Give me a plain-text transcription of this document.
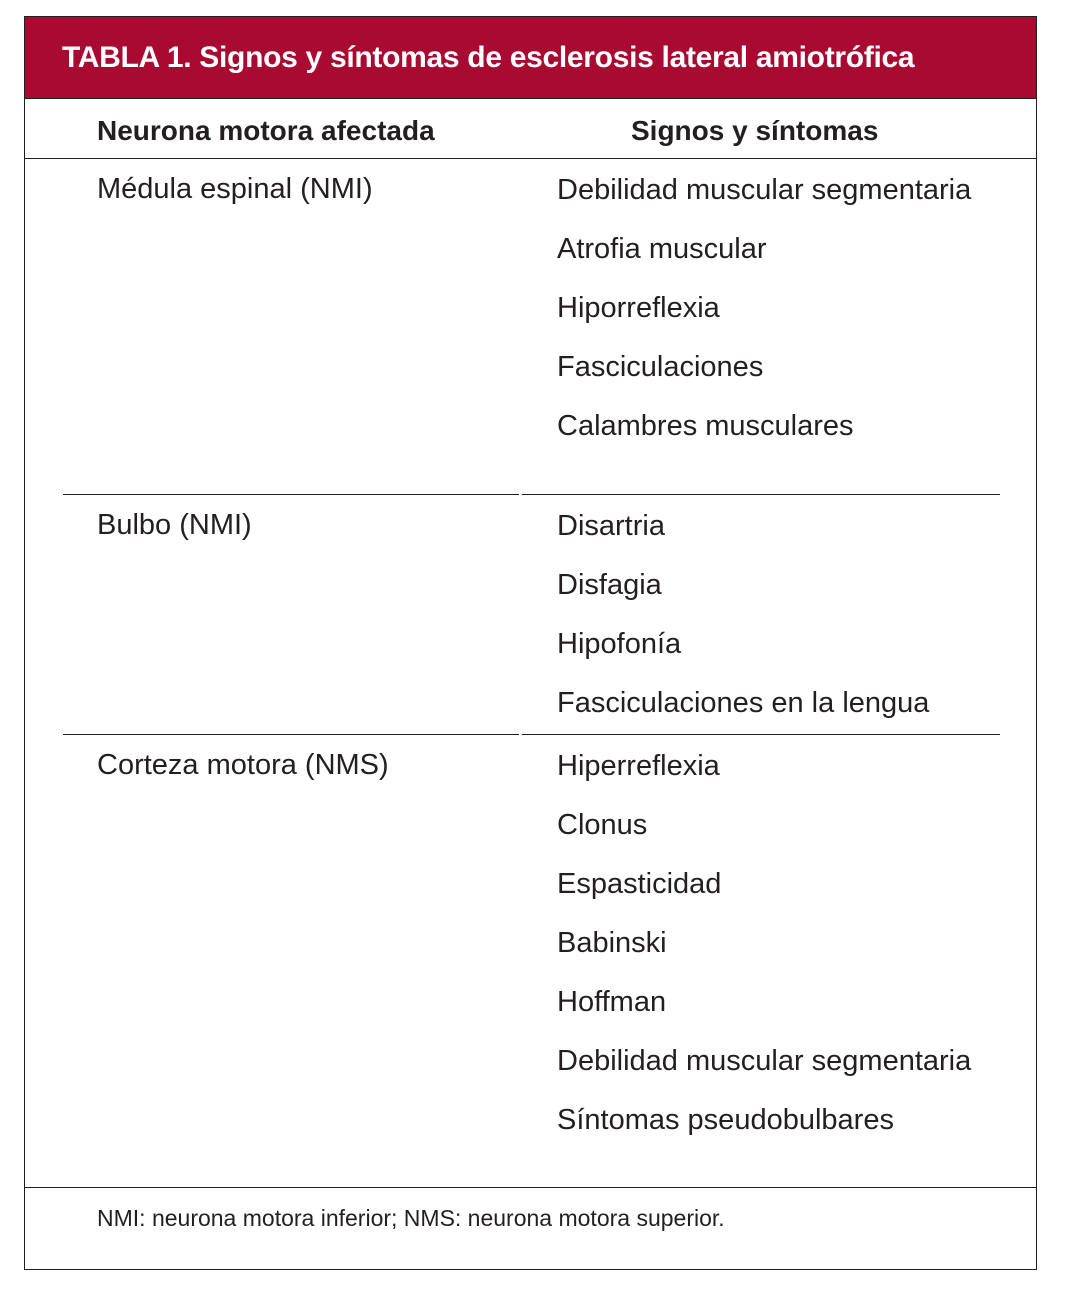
TABLA 1. Signos y síntomas de esclerosis lateral amiotrófica
Neurona motora afectada	Signos y síntomas
Médula espinal (NMI)	Debilidad muscular segmentaria
Atrofia muscular
Hiporreflexia
Fasciculaciones
Calambres musculares
Bulbo (NMI)	Disartria
Disfagia
Hipofonía
Fasciculaciones en la lengua
Corteza motora (NMS)	Hiperreflexia
Clonus
Espasticidad
Babinski
Hoffman
Debilidad muscular segmentaria
Síntomas pseudobulbares
NMI: neurona motora inferior; NMS: neurona motora superior.
